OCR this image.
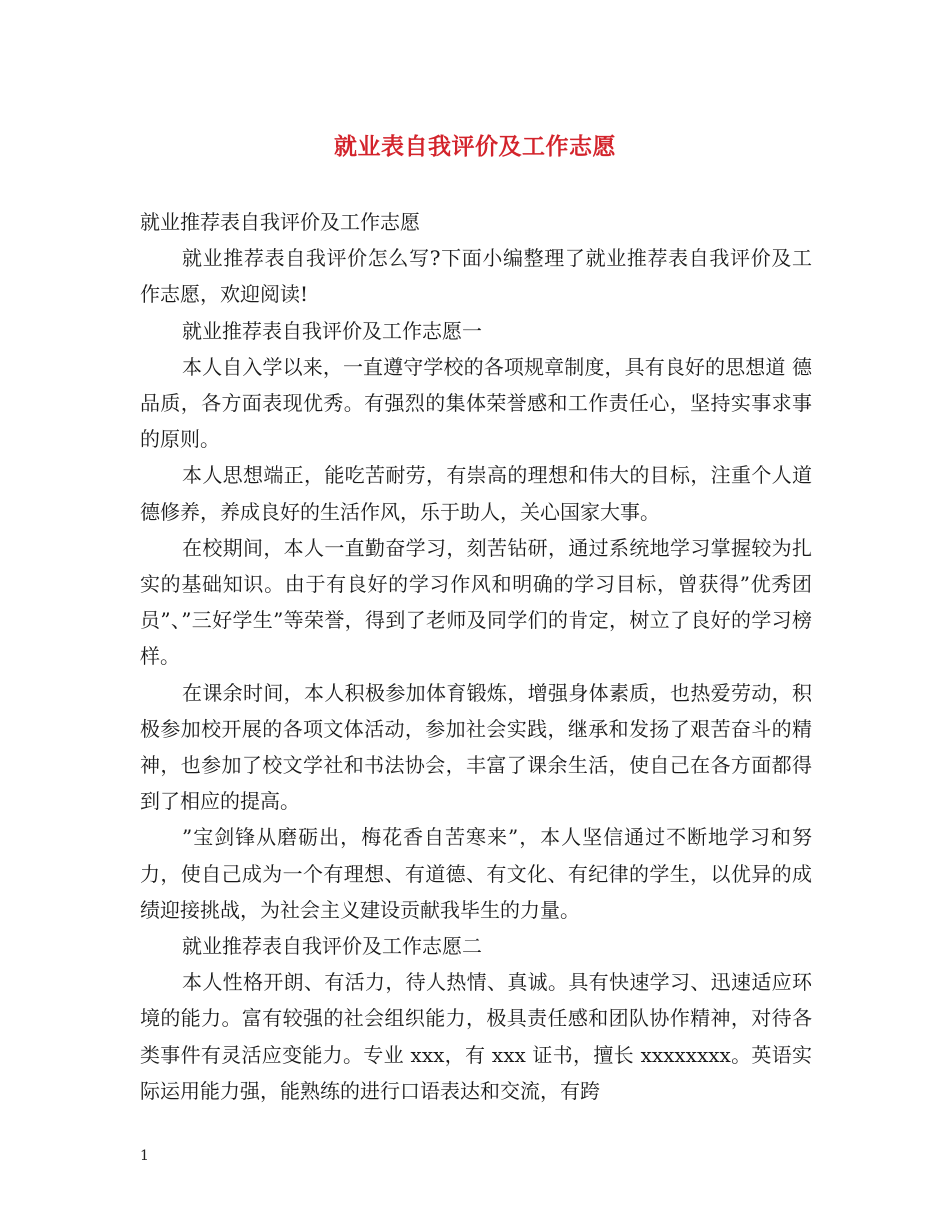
就业表自我评价及工作志愿

就业推荐表自我评价及工作志愿

就业推荐表自我评价怎么写?下面小编整理了就业推荐表自我评价及工作志愿，欢迎阅读!

就业推荐表自我评价及工作志愿一

本人自入学以来，一直遵守学校的各项规章制度，具有良好的思想道 德品质，各方面表现优秀。有强烈的集体荣誉感和工作责任心，坚持实事求事的原则。

本人思想端正，能吃苦耐劳，有崇高的理想和伟大的目标，注重个人道德修养，养成良好的生活作风，乐于助人，关心国家大事。

在校期间，本人一直勤奋学习，刻苦钻研，通过系统地学习掌握较为扎实的基础知识。由于有良好的学习作风和明确的学习目标，曾获得”优秀团员”、”三好学生”等荣誉，得到了老师及同学们的肯定，树立了良好的学习榜样。

在课余时间，本人积极参加体育锻炼，增强身体素质，也热爱劳动，积极参加校开展的各项文体活动，参加社会实践，继承和发扬了艰苦奋斗的精神，也参加了校文学社和书法协会，丰富了课余生活，使自己在各方面都得到了相应的提高。

”宝剑锋从磨砺出，梅花香自苦寒来”，本人坚信通过不断地学习和努力，使自己成为一个有理想、有道德、有文化、有纪律的学生，以优异的成绩迎接挑战，为社会主义建设贡献我毕生的力量。

就业推荐表自我评价及工作志愿二

本人性格开朗、有活力，待人热情、真诚。具有快速学习、迅速适应环境的能力。富有较强的社会组织能力，极具责任感和团队协作精神，对待各类事件有灵活应变能力。专业 xxx，有 xxx 证书，擅长 xxxxxxxx。英语实际运用能力强，能熟练的进行口语表达和交流，有跨

1
